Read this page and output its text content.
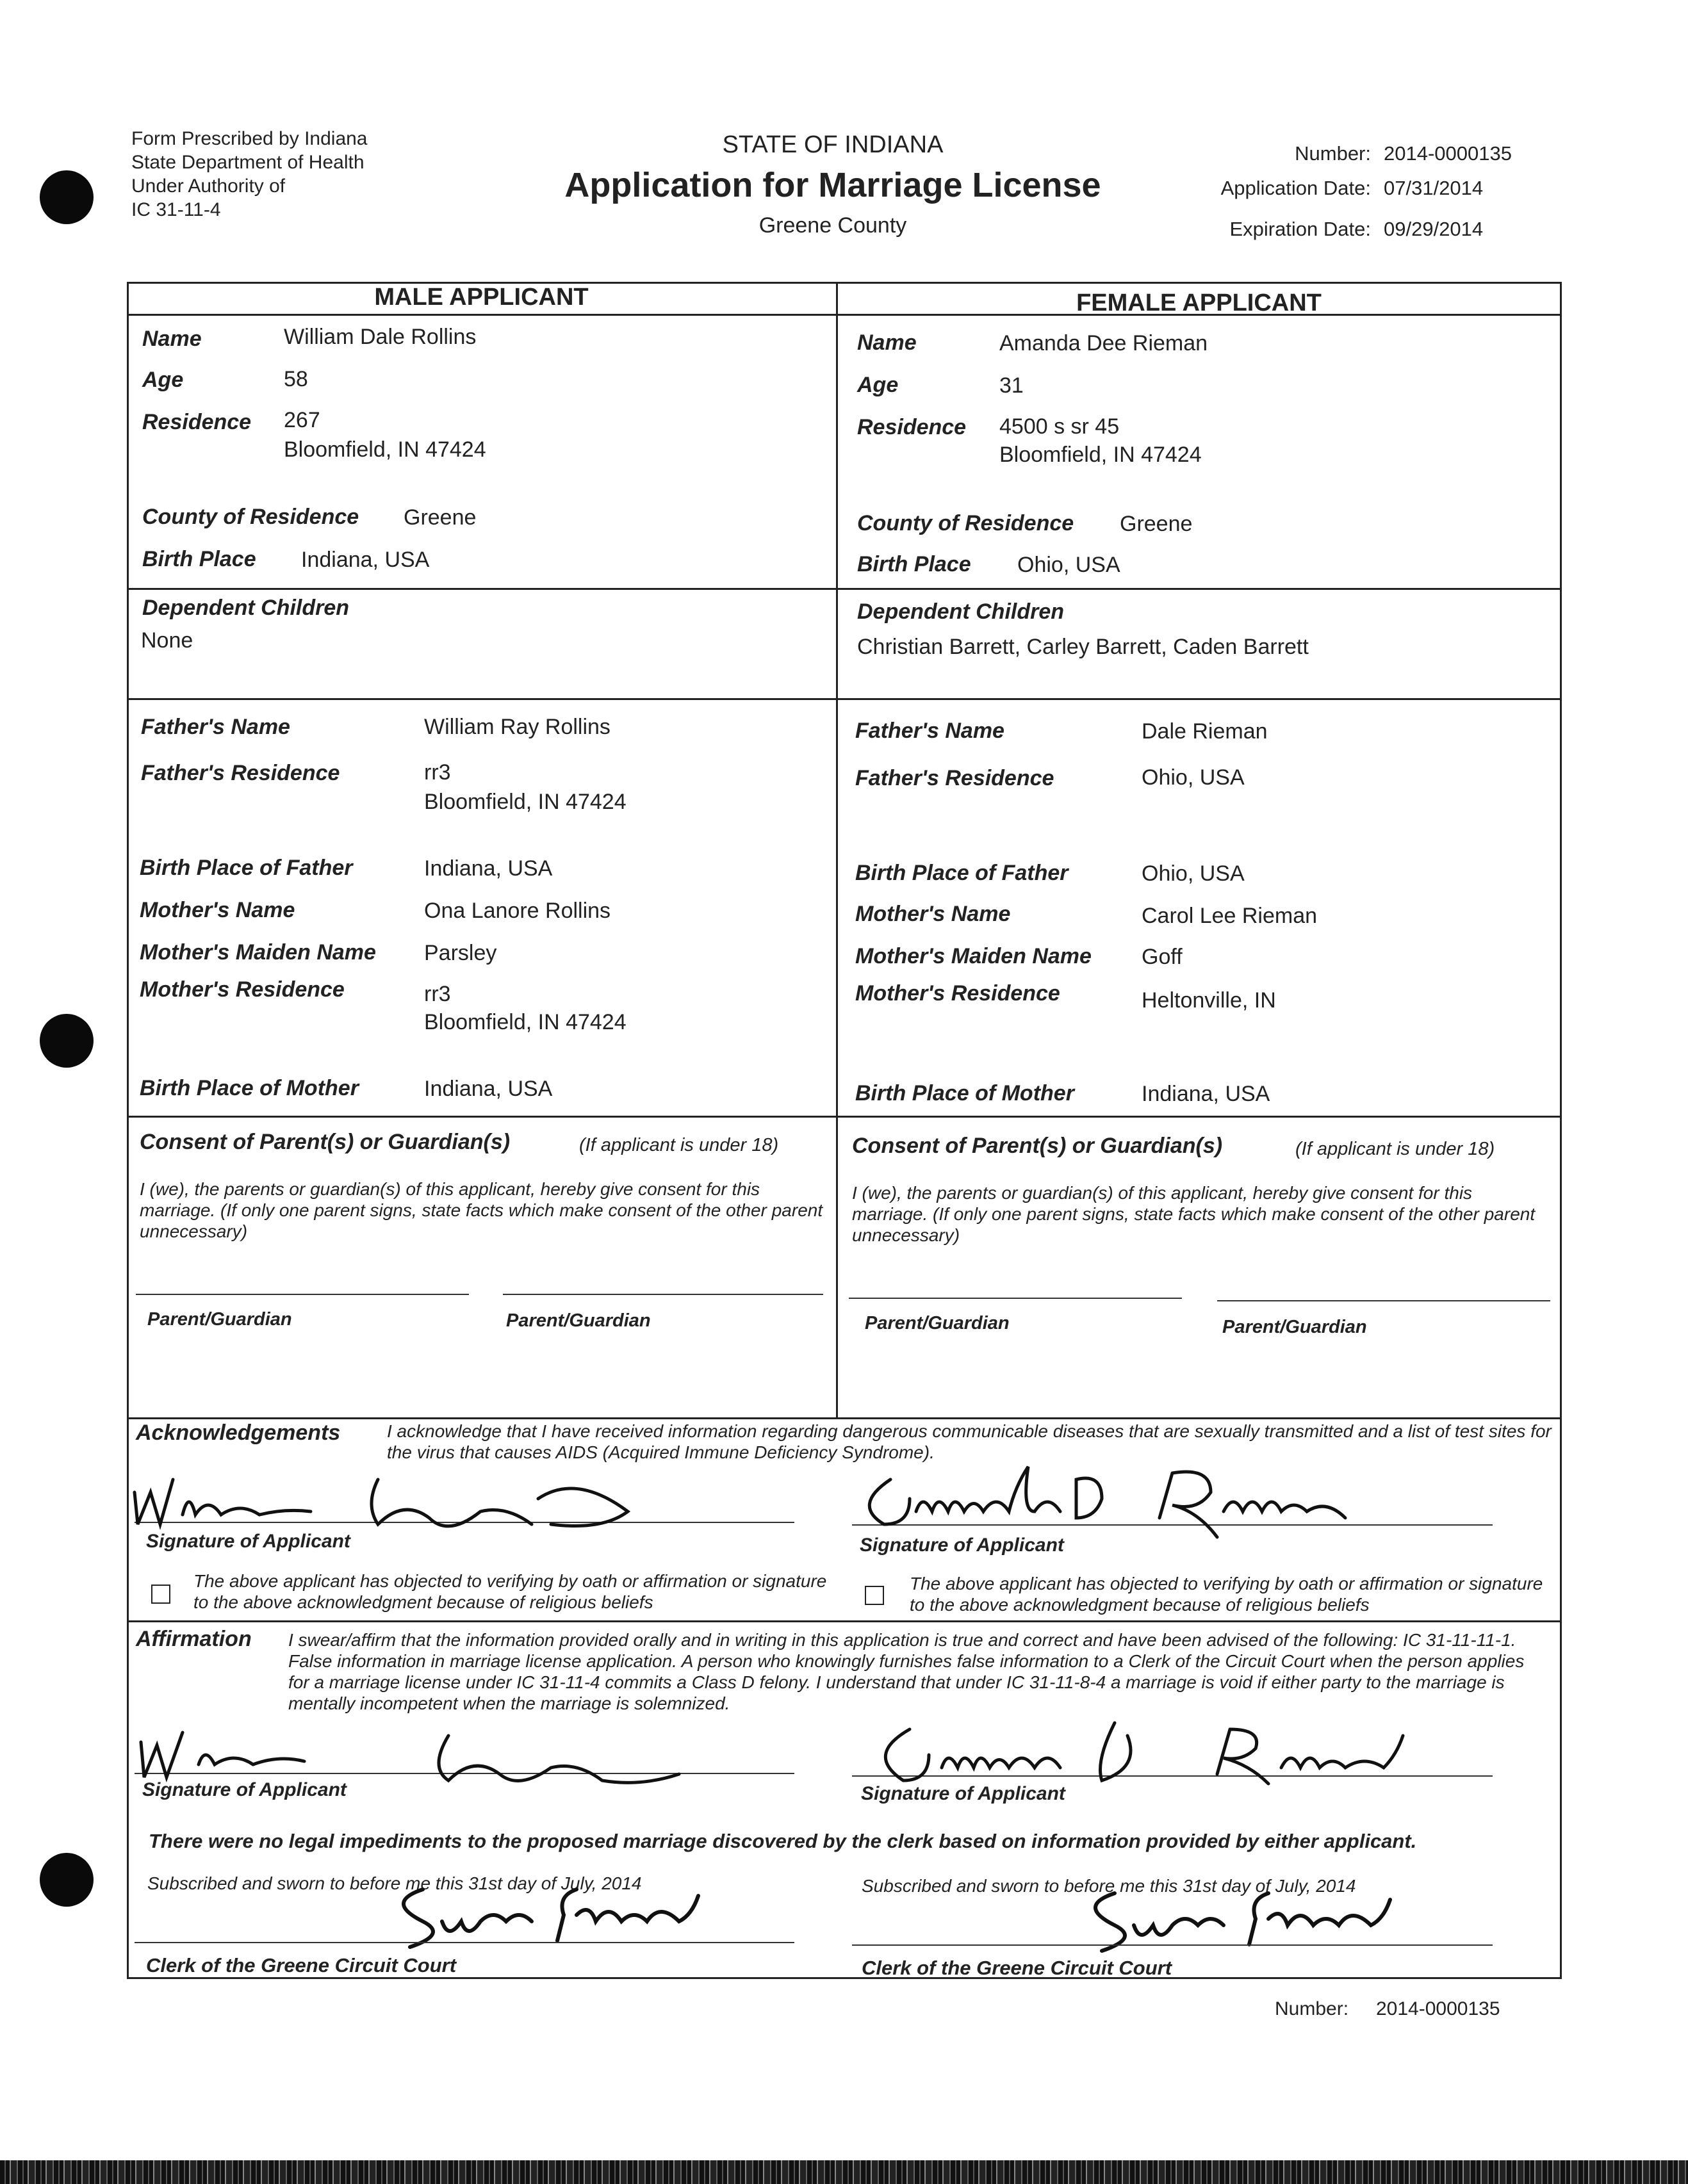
Form Prescribed by Indiana
State Department of Health
Under Authority of
IC 31-11-4
STATE OF INDIANA
Application for Marriage License
Greene County
Number: 2014-0000135
Application Date: 07/31/2014
Expiration Date: 09/29/2014
MALE APPLICANT	FEMALE APPLICANT
Name	William Dale Rollins
Age	58
Residence 267
Bloomfield, IN 47424
County of Residence Greene
Birth Place Indiana, USA
Dependent Children
None
Father's Name	William Ray Rollins
Father's Residence	rr3
Bloomfield, IN 47424
Birth Place of Father	Indiana, USA
Mother's Name	Ona Lanore Rollins
Mother's Maiden Name Parsley
Mother's Residence	rr3
Bloomfield, IN 47424
Birth Place of Mother	Indiana, USA
Name	Amanda Dee Rieman
Age	31
Residence 4500 s sr 45
Bloomfield, IN 47424
County of Residence Greene
Birth Place Ohio, USA
Dependent Children
Christian Barrett, Carley Barrett, Caden Barrett
Father's Name	Dale Rieman
Father's Residence	Ohio, USA
Birth Place of Father	Ohio, USA
Mother's Name	Carol Lee Rieman
Mother's Maiden Name Goff
Mother's Residence	Heltonville, IN
Birth Place of Mother	Indiana, USA
Consent of Parent(s) or Guardian(s)	(If applicant is under 18)
I (we), the parents or guardian(s) of this applicant, hereby give consent for this marriage. (If only one parent signs, state facts which make consent of the other parent unnecessary)
Parent/Guardian	Parent/Guardian
Consent of Parent(s) or Guardian(s)	(If applicant is under 18)
I (we), the parents or guardian(s) of this applicant, hereby give consent for this marriage. (If only one parent signs, state facts which make consent of the other parent unnecessary)
Parent/Guardian	Parent/Guardian
Acknowledgements	I acknowledge that I have received information regarding dangerous communicable diseases that are sexually transmitted and a list of test sites for the virus that causes AIDS (Acquired Immune Deficiency Syndrome).
Signature of Applicant	Signature of Applicant
The above applicant has objected to verifying by oath or affirmation or signature to the above acknowledgment because of religious beliefs
The above applicant has objected to verifying by oath or affirmation or signature to the above acknowledgment because of religious beliefs
Affirmation I swear/affirm that the information provided orally and in writing in this application is true and correct and have been advised of the following: IC 31-11-11-1. False information in marriage license application. A person who knowingly furnishes false information to a Clerk of the Circuit Court when the person applies for a marriage license under IC 31-11-4 commits a Class D felony. I understand that under IC 31-11-8-4 a marriage is void if either party to the marriage is mentally incompetent when the marriage is solemnized.
Signature of Applicant	Signature of Applicant
There were no legal impediments to the proposed marriage discovered by the clerk based on information provided by either applicant.
Subscribed and sworn to before me this 31st day of July, 2014	Subscribed and sworn to before me this 31st day of July, 2014
Clerk of the Greene Circuit Court	Clerk of the Greene Circuit Court
Number: 2014-0000135
